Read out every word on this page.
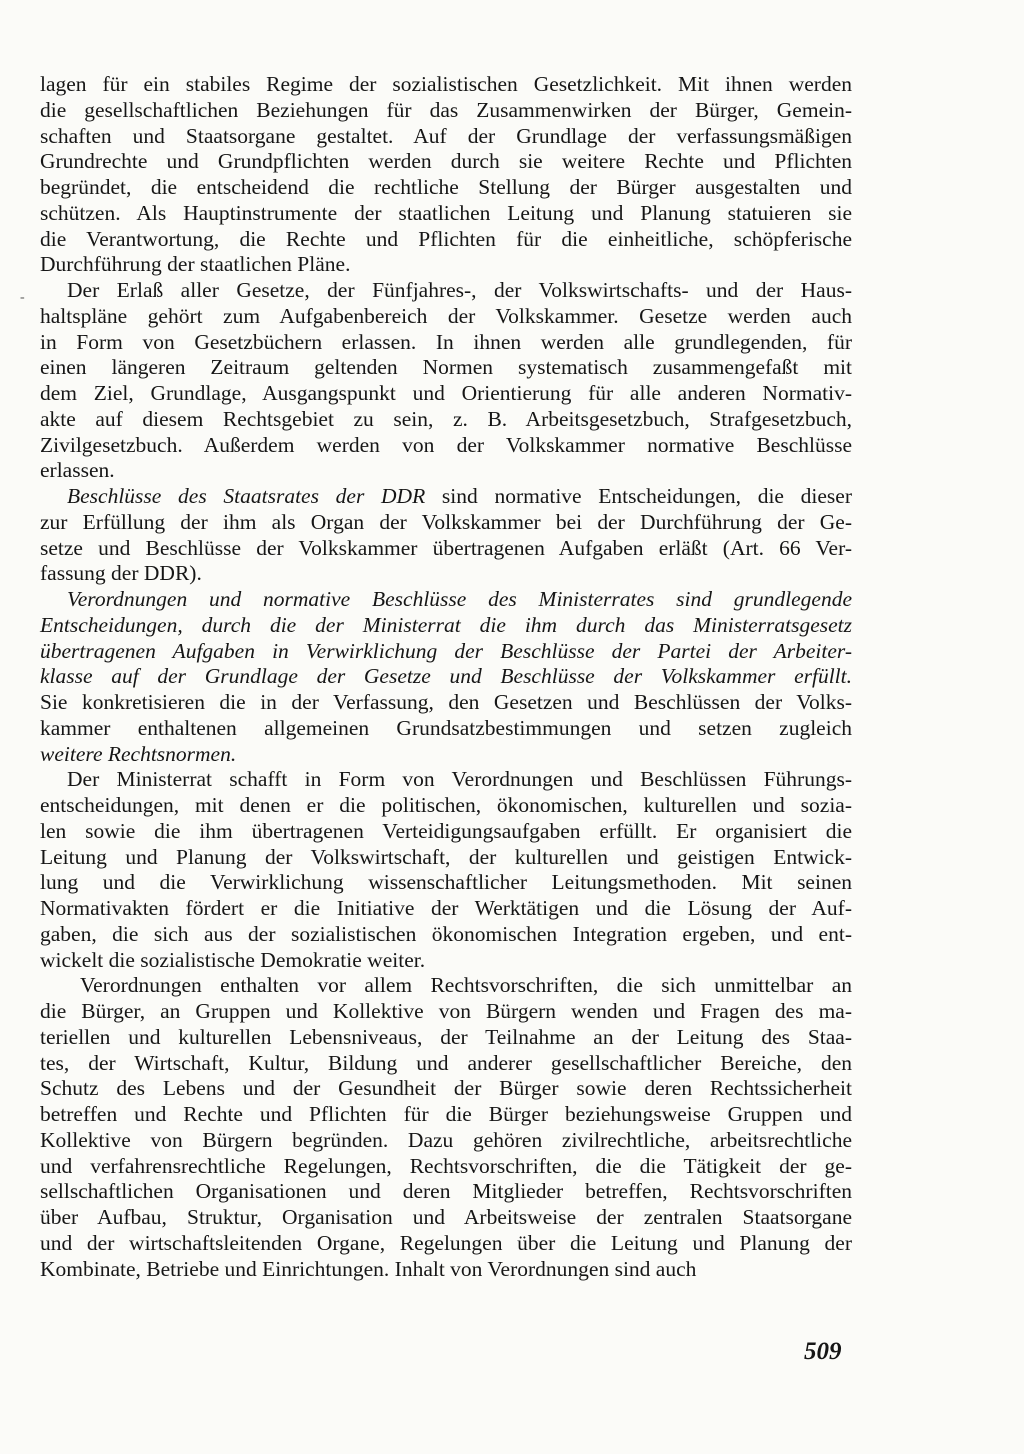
-
lagen für ein stabiles Regime der sozialistischen Gesetzlichkeit. Mit ihnen werden
die gesellschaftlichen Beziehungen für das Zusammenwirken der Bürger, Gemein-
schaften und Staatsorgane gestaltet. Auf der Grundlage der verfassungsmäßigen
Grundrechte und Grundpflichten werden durch sie weitere Rechte und Pflichten
begründet, die entscheidend die rechtliche Stellung der Bürger ausgestalten und
schützen. Als Hauptinstrumente der staatlichen Leitung und Planung statuieren sie
die Verantwortung, die Rechte und Pflichten für die einheitliche, schöpferische
Durchführung der staatlichen Pläne.
Der Erlaß aller Gesetze, der Fünfjahres-, der Volkswirtschafts- und der Haus-
haltspläne gehört zum Aufgabenbereich der Volkskammer. Gesetze werden auch
in Form von Gesetzbüchern erlassen. In ihnen werden alle grundlegenden, für
einen längeren Zeitraum geltenden Normen systematisch zusammengefaßt mit
dem Ziel, Grundlage, Ausgangspunkt und Orientierung für alle anderen Normativ-
akte auf diesem Rechtsgebiet zu sein, z. B. Arbeitsgesetzbuch, Strafgesetzbuch,
Zivilgesetzbuch. Außerdem werden von der Volkskammer normative Beschlüsse
erlassen.
Beschlüsse des Staatsrates der DDR sind normative Entscheidungen, die dieser
zur Erfüllung der ihm als Organ der Volkskammer bei der Durchführung der Ge-
setze und Beschlüsse der Volkskammer übertragenen Aufgaben erläßt (Art. 66 Ver-
fassung der DDR).
Verordnungen und normative Beschlüsse des Ministerrates sind grundlegende
Entscheidungen, durch die der Ministerrat die ihm durch das Ministerratsgesetz
übertragenen Aufgaben in Verwirklichung der Beschlüsse der Partei der Arbeiter-
klasse auf der Grundlage der Gesetze und Beschlüsse der Volkskammer erfüllt.
Sie konkretisieren die in der Verfassung, den Gesetzen und Beschlüssen der Volks-
kammer enthaltenen allgemeinen Grundsatzbestimmungen und setzen zugleich
weitere Rechtsnormen.
Der Ministerrat schafft in Form von Verordnungen und Beschlüssen Führungs-
entscheidungen, mit denen er die politischen, ökonomischen, kulturellen und sozia-
len sowie die ihm übertragenen Verteidigungsaufgaben erfüllt. Er organisiert die
Leitung und Planung der Volkswirtschaft, der kulturellen und geistigen Entwick-
lung und die Verwirklichung wissenschaftlicher Leitungsmethoden. Mit seinen
Normativakten fördert er die Initiative der Werktätigen und die Lösung der Auf-
gaben, die sich aus der sozialistischen ökonomischen Integration ergeben, und ent-
wickelt die sozialistische Demokratie weiter.
Verordnungen enthalten vor allem Rechtsvorschriften, die sich unmittelbar an
die Bürger, an Gruppen und Kollektive von Bürgern wenden und Fragen des ma-
teriellen und kulturellen Lebensniveaus, der Teilnahme an der Leitung des Staa-
tes, der Wirtschaft, Kultur, Bildung und anderer gesellschaftlicher Bereiche, den
Schutz des Lebens und der Gesundheit der Bürger sowie deren Rechtssicherheit
betreffen und Rechte und Pflichten für die Bürger beziehungsweise Gruppen und
Kollektive von Bürgern begründen. Dazu gehören zivilrechtliche, arbeitsrechtliche
und verfahrensrechtliche Regelungen, Rechtsvorschriften, die die Tätigkeit der ge-
sellschaftlichen Organisationen und deren Mitglieder betreffen, Rechtsvorschriften
über Aufbau, Struktur, Organisation und Arbeitsweise der zentralen Staatsorgane
und der wirtschaftsleitenden Organe, Regelungen über die Leitung und Planung der
Kombinate, Betriebe und Einrichtungen. Inhalt von Verordnungen sind auch
509
